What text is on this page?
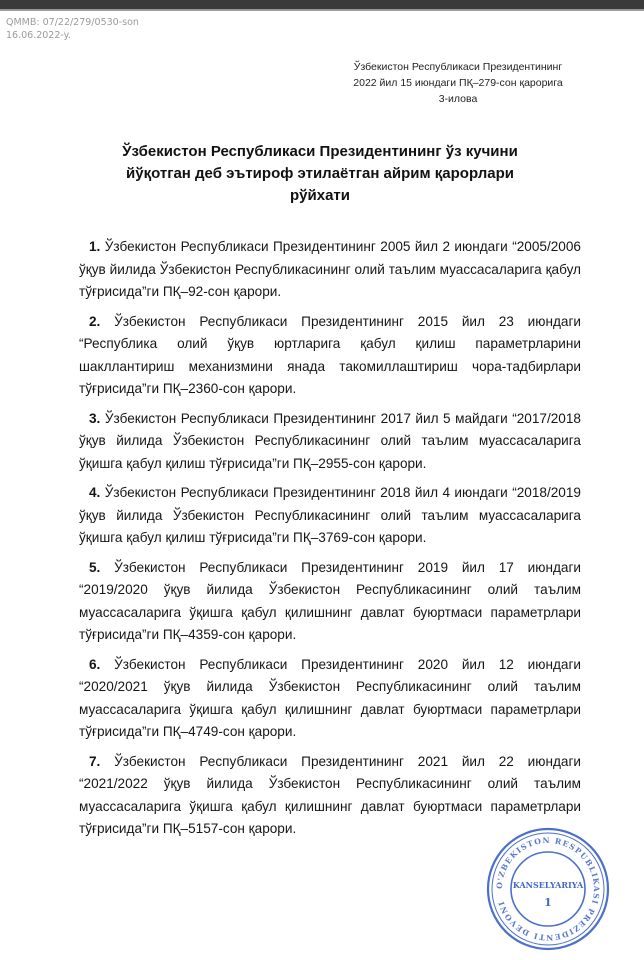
QMMB: 07/22/279/0530-son
16.06.2022-y.
Ўзбекистон Республикаси Президентининг
2022 йил 15 июндаги ПҚ–279-сон қарорига
3-илова
Ўзбекистон Республикаси Президентининг ўз кучини
йўқотган деб эътироф этилаётган айрим қарорлари
рўйхати

1. Ўзбекистон Республикаси Президентининг 2005 йил 2 июндаги “2005/2006 ўқув йилида Ўзбекистон Республикасининг олий таълим муассасаларига қабул тўғрисида”ги ПҚ–92-сон қарори.

2. Ўзбекистон Республикаси Президентининг 2015 йил 23 июндаги “Республика олий ўқув юртларига қабул қилиш параметрларини шакллантириш механизмини янада такомиллаштириш чора-тадбирлари тўғрисида”ги ПҚ–2360-сон қарори.

3. Ўзбекистон Республикаси Президентининг 2017 йил 5 майдаги “2017/2018 ўқув йилида Ўзбекистон Республикасининг олий таълим муассасаларига ўқишга қабул қилиш тўғрисида”ги ПҚ–2955-сон қарори.

4. Ўзбекистон Республикаси Президентининг 2018 йил 4 июндаги “2018/2019 ўқув йилида Ўзбекистон Республикасининг олий таълим муассасаларига ўқишга қабул қилиш тўғрисида”ги ПҚ–3769-сон қарори.

5. Ўзбекистон Республикаси Президентининг 2019 йил 17 июндаги “2019/2020 ўқув йилида Ўзбекистон Республикасининг олий таълим муассасаларига ўқишга қабул қилишнинг давлат буюртмаси параметрлари тўғрисида”ги ПҚ–4359-сон қарори.

6. Ўзбекистон Республикаси Президентининг 2020 йил 12 июндаги “2020/2021 ўқув йилида Ўзбекистон Республикасининг олий таълим муассасаларига ўқишга қабул қилишнинг давлат буюртмаси параметрлари тўғрисида”ги ПҚ–4749-сон қарори.

7. Ўзбекистон Республикаси Президентининг 2021 йил 22 июндаги “2021/2022 ўқув йилида Ўзбекистон Республикасининг олий таълим муассасаларига ўқишга қабул қилишнинг давлат буюртмаси параметрлари тўғрисида”ги ПҚ–5157-сон қарори.

O'ZBEKISTON RESPUBLIKASI PREZIDENTI DEVONI
KANSELYARIYA
1
